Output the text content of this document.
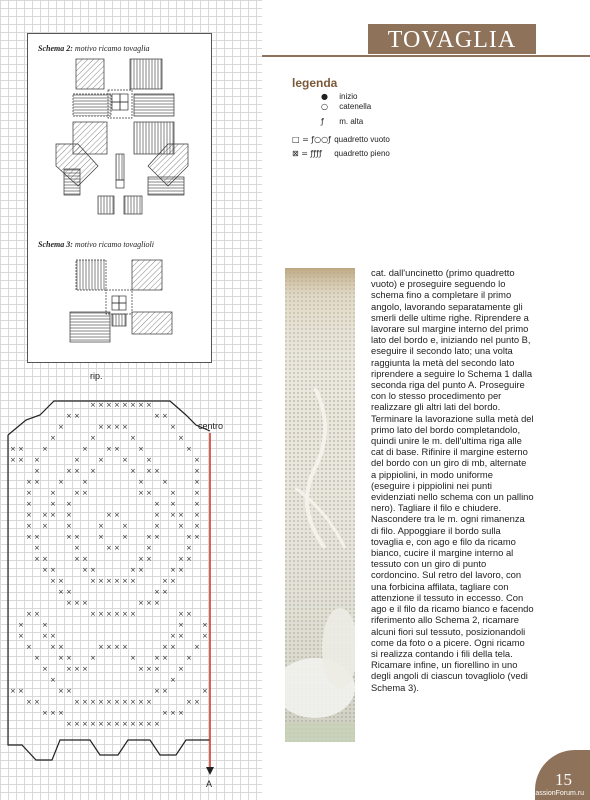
Schema 2: motivo ricamo tovaglia
Schema 3: motivo ricamo tovaglioli
× × × × × × × ×
× ×	× ×
×	× × × ×	×
×	×	×	×
× ×	×	×	× ×	×	×
× × ×	×	×	×	×	×
×	× × ×	× × ×	×
× ×	×	×	×	×	×
×	×	× ×	× ×	×	×
×	× ×	× ×	×
× × × ×	× ×	× × × ×
× ×	×	×	×	×	× ×
× ×	× ×	×	×	× ×	× ×
×	×	× ×	×	×
× ×	× ×	× ×	× ×
× ×	× ×	× ×	× ×
× ×	× × × × × ×	× ×
× ×	× ×
× × ×	× × ×
× ×	× × × × × ×	× ×
×	×	×	×
×	× ×	× ×	×
×	× ×	× × × ×	× ×	×
×	× ×	×	×	× ×	×
×	× × ×	× × ×	×
×	×
× ×	× ×	× ×	×
× ×	× × × × × × × × × ×	× ×
× × ×	× × ×
× × × × × × × × × × × ×
rip.
centro
A
TOVAGLIA
legenda
● inizio
○ catenella
ƒ m. alta
□ = ƒ○○ƒ quadretto vuoto
⊠ = ƒƒƒƒ quadretto pieno

cat. dall'uncinetto (primo quadretto vuoto) e proseguire seguendo lo schema fino a completare il primo angolo, lavorando separatamente gli smerli delle ultime righe. Riprendere a lavorare sul margine interno del primo lato del bordo e, iniziando nel punto B, eseguire il secondo lato; una volta raggiunta la metà del secondo lato riprendere a seguire lo Schema 1 dalla seconda riga del punto A. Proseguire con lo stesso procedimento per realizzare gli altri lati del bordo. Terminare la lavorazione sulla metà del primo lato del bordo completandolo, quindi unire le m. dell'ultima riga alle cat di base. Rifinire il margine esterno del bordo con un giro di mb, alternate a pippiolini, in modo uniforme (eseguire i pippiolini nei punti evidenziati nello schema con un pallino nero). Tagliare il filo e chiudere. Nascondere tra le m. ogni rimanenza di filo. Appoggiare il bordo sulla tovaglia e, con ago e filo da ricamo bianco, cucire il margine interno al tessuto con un giro di punto cordoncino. Sul retro del lavoro, con una forbicina affilata, tagliare con attenzione il tessuto in eccesso. Con ago e il filo da ricamo bianco e facendo riferimento allo Schema 2, ricamare alcuni fiori sul tessuto, posizionandoli come da foto o a picere. Ogni ricamo si realizza contando i fili della tela. Ricamare infine, un fiorellino in uno degli angoli di ciascun tovagliolo (vedi Schema 3).

15
PassionForum.ru
